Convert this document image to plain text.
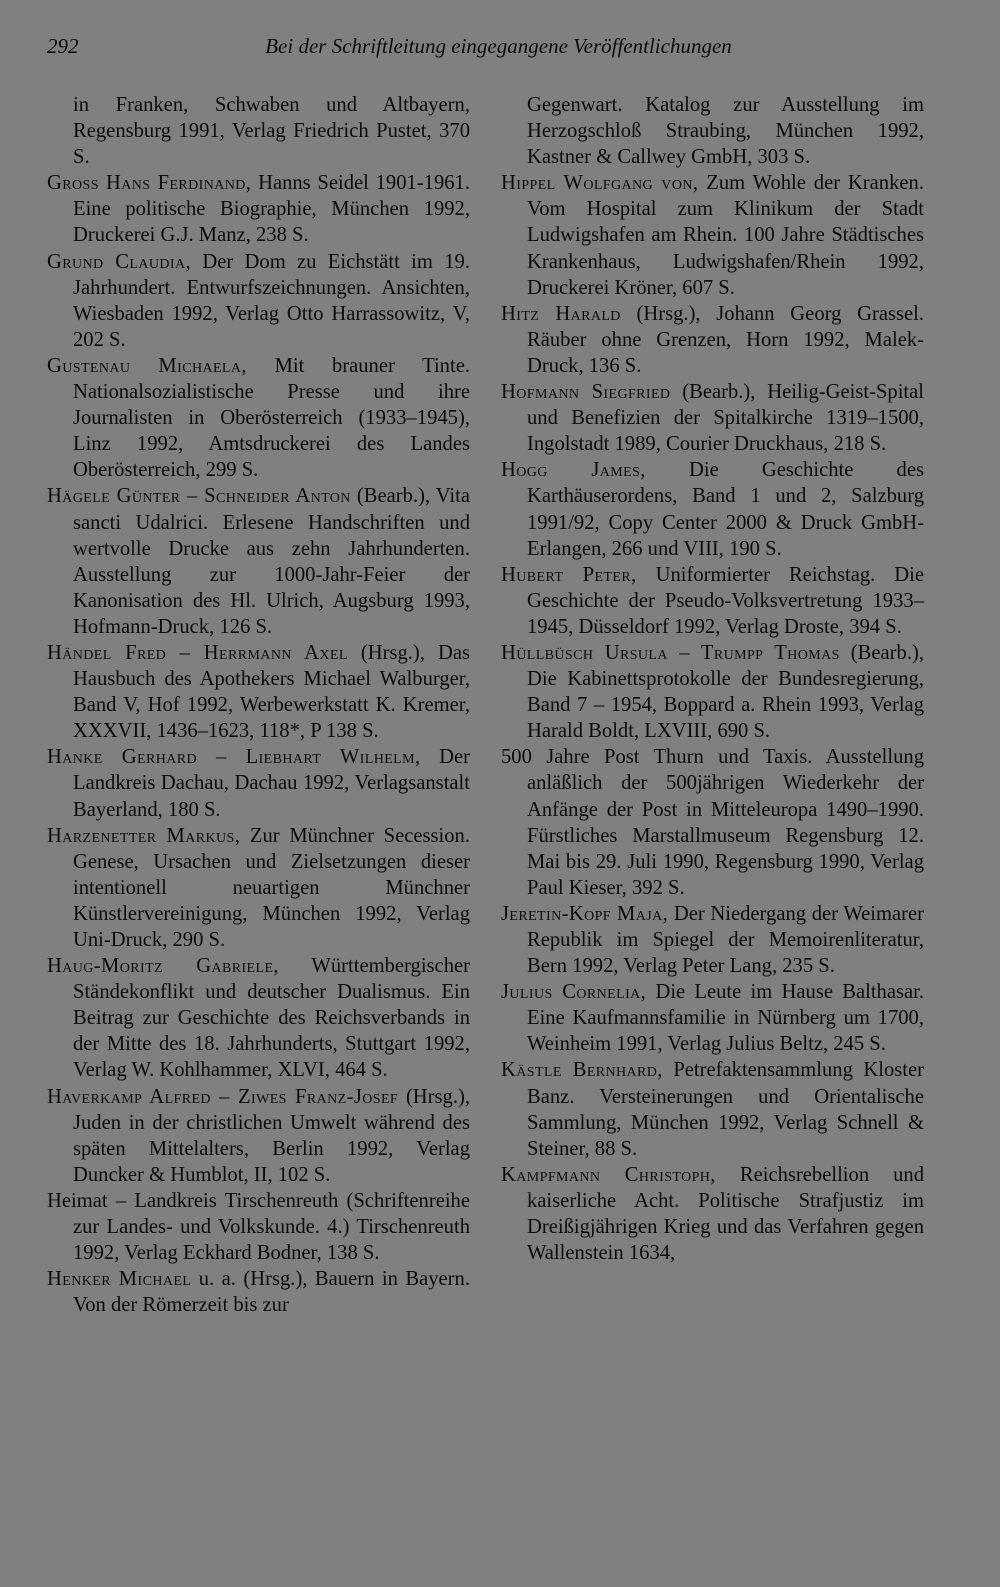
292	Bei der Schriftleitung eingegangene Veröffentlichungen
in Franken, Schwaben und Altbayern, Regensburg 1991, Verlag Friedrich Pustet, 370 S.
Gross Hans Ferdinand, Hanns Seidel 1901-1961. Eine politische Biographie, München 1992, Druckerei G.J. Manz, 238 S.
Grund Claudia, Der Dom zu Eichstätt im 19. Jahrhundert. Entwurfszeichnungen. Ansichten, Wiesbaden 1992, Verlag Otto Harrassowitz, V, 202 S.
Gustenau Michaela, Mit brauner Tinte. Nationalsozialistische Presse und ihre Journalisten in Oberösterreich (1933–1945), Linz 1992, Amtsdruckerei des Landes Oberösterreich, 299 S.
Hägele Günter – Schneider Anton (Bearb.), Vita sancti Udalrici. Erlesene Handschriften und wertvolle Drucke aus zehn Jahrhunderten. Ausstellung zur 1000-Jahr-Feier der Kanonisation des Hl. Ulrich, Augsburg 1993, Hofmann-Druck, 126 S.
Händel Fred – Herrmann Axel (Hrsg.), Das Hausbuch des Apothekers Michael Walburger, Band V, Hof 1992, Werbewerkstatt K. Kremer, XXXVII, 1436–1623, 118*, P 138 S.
Hanke Gerhard – Liebhart Wilhelm, Der Landkreis Dachau, Dachau 1992, Verlagsanstalt Bayerland, 180 S.
Harzenetter Markus, Zur Münchner Secession. Genese, Ursachen und Zielsetzungen dieser intentionell neuartigen Münchner Künstlervereinigung, München 1992, Verlag Uni-Druck, 290 S.
Haug-Moritz Gabriele, Württembergischer Ständekonflikt und deutscher Dualismus. Ein Beitrag zur Geschichte des Reichsverbands in der Mitte des 18. Jahrhunderts, Stuttgart 1992, Verlag W. Kohlhammer, XLVI, 464 S.
Haverkamp Alfred – Ziwes Franz-Josef (Hrsg.), Juden in der christlichen Umwelt während des späten Mittelalters, Berlin 1992, Verlag Duncker & Humblot, II, 102 S.
Heimat – Landkreis Tirschenreuth (Schriftenreihe zur Landes- und Volkskunde. 4.) Tirschenreuth 1992, Verlag Eckhard Bodner, 138 S.
Henker Michael u. a. (Hrsg.), Bauern in Bayern. Von der Römerzeit bis zur
Gegenwart. Katalog zur Ausstellung im Herzogschloß Straubing, München 1992, Kastner & Callwey GmbH, 303 S.
Hippel Wolfgang von, Zum Wohle der Kranken. Vom Hospital zum Klinikum der Stadt Ludwigshafen am Rhein. 100 Jahre Städtisches Krankenhaus, Ludwigshafen/Rhein 1992, Druckerei Kröner, 607 S.
Hitz Harald (Hrsg.), Johann Georg Grassel. Räuber ohne Grenzen, Horn 1992, Malek-Druck, 136 S.
Hofmann Siegfried (Bearb.), Heilig-Geist-Spital und Benefizien der Spitalkirche 1319–1500, Ingolstadt 1989, Courier Druckhaus, 218 S.
Hogg James, Die Geschichte des Karthäuserordens, Band 1 und 2, Salzburg 1991/92, Copy Center 2000 & Druck GmbH-Erlangen, 266 und VIII, 190 S.
Hubert Peter, Uniformierter Reichstag. Die Geschichte der Pseudo-Volksvertretung 1933–1945, Düsseldorf 1992, Verlag Droste, 394 S.
Hüllbüsch Ursula – Trumpp Thomas (Bearb.), Die Kabinettsprotokolle der Bundesregierung, Band 7 – 1954, Boppard a. Rhein 1993, Verlag Harald Boldt, LXVIII, 690 S.
500 Jahre Post Thurn und Taxis. Ausstellung anläßlich der 500jährigen Wiederkehr der Anfänge der Post in Mitteleuropa 1490–1990. Fürstliches Marstallmuseum Regensburg 12. Mai bis 29. Juli 1990, Regensburg 1990, Verlag Paul Kieser, 392 S.
Jeretin-Kopf Maja, Der Niedergang der Weimarer Republik im Spiegel der Memoirenliteratur, Bern 1992, Verlag Peter Lang, 235 S.
Julius Cornelia, Die Leute im Hause Balthasar. Eine Kaufmannsfamilie in Nürnberg um 1700, Weinheim 1991, Verlag Julius Beltz, 245 S.
Kästle Bernhard, Petrefaktensammlung Kloster Banz. Versteinerungen und Orientalische Sammlung, München 1992, Verlag Schnell & Steiner, 88 S.
Kampfmann Christoph, Reichsrebellion und kaiserliche Acht. Politische Strafjustiz im Dreißigjährigen Krieg und das Verfahren gegen Wallenstein 1634,
